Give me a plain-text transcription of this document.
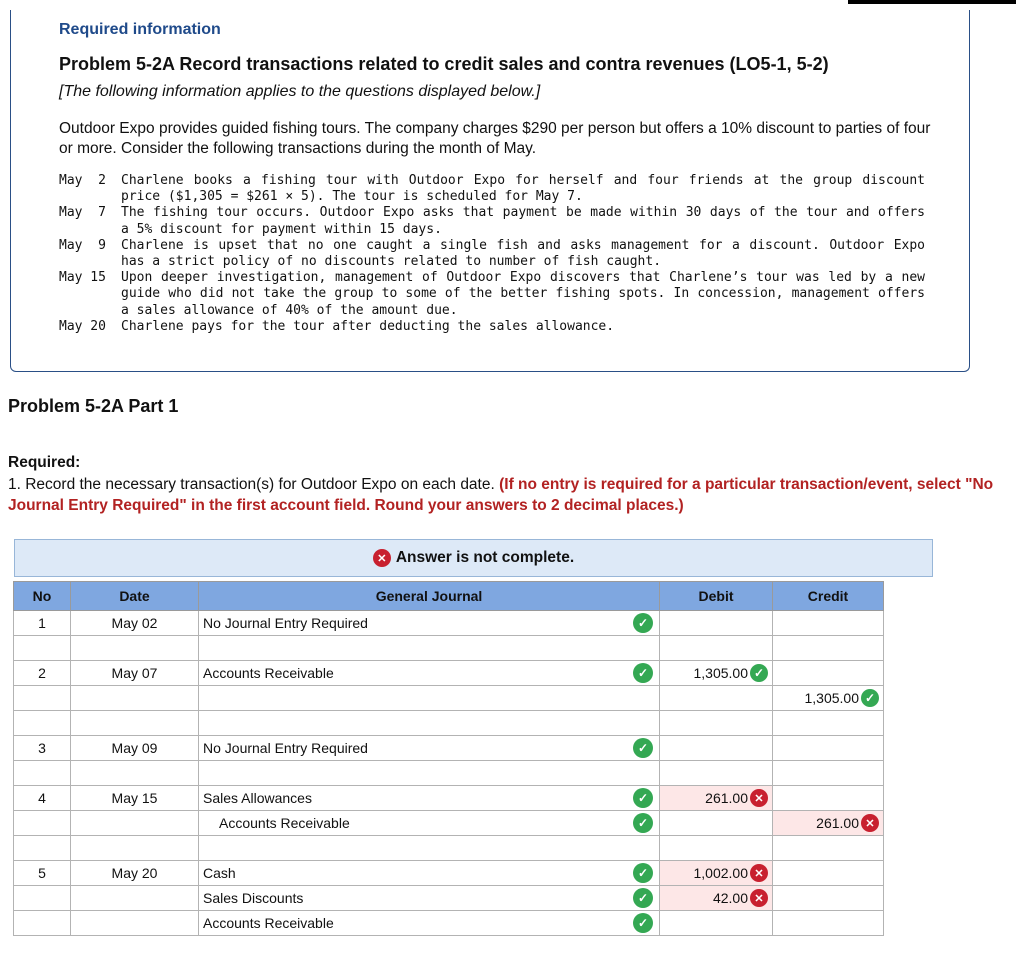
Required information

Problem 5-2A Record transactions related to credit sales and contra revenues (LO5-1, 5-2)

[The following information applies to the questions displayed below.]

Outdoor Expo provides guided fishing tours. The company charges $290 per person but offers a 10% discount to parties of four or more. Consider the following transactions during the month of May.

May  2	Charlene books a fishing tour with Outdoor Expo for herself and four friends at the group discount price ($1,305 = $261 × 5). The tour is scheduled for May 7.
May  7	The fishing tour occurs. Outdoor Expo asks that payment be made within 30 days of the tour and offers a 5% discount for payment within 15 days.
May  9	Charlene is upset that no one caught a single fish and asks management for a discount. Outdoor Expo has a strict policy of no discounts related to number of fish caught.
May 15	Upon deeper investigation, management of Outdoor Expo discovers that Charlene’s tour was led by a new guide who did not take the group to some of the better fishing spots. In concession, management offers a sales allowance of 40% of the amount due.
May 20	Charlene pays for the tour after deducting the sales allowance.

Problem 5-2A Part 1

Required:

1. Record the necessary transaction(s) for Outdoor Expo on each date. (If no entry is required for a particular transaction/event, select "No Journal Entry Required" in the first account field. Round your answers to 2 decimal places.)

✕ Answer is not complete.
No	Date	General Journal	Debit	Credit
1	May 02	No Journal Entry Required ✓		

2	May 07	Accounts Receivable ✓	1,305.00 ✓	

				1,305.00 ✓

3	May 09	No Journal Entry Required ✓		

4	May 15	Sales Allowances ✓	261.00 ✕	

		Accounts Receivable ✓		261.00 ✕

5	May 20	Cash ✓	1,002.00 ✕	

		Sales Discounts ✓	42.00 ✕	

		Accounts Receivable ✓		
